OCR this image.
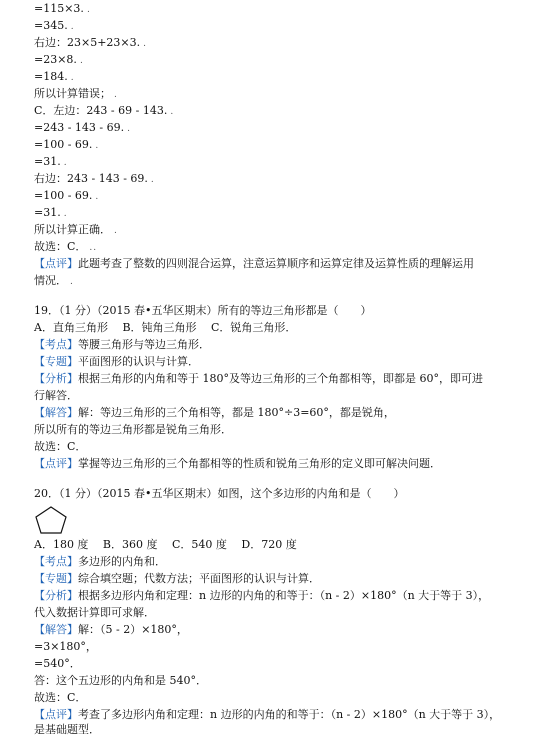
=115×3. .
=345. .
右边：23×5+23×3. .
=23×8. .
=184. .
所以计算错误； .
C．左边：243 - 69 - 143. .
=243 - 143 - 69. .
=100 - 69. .
=31. .
右边：243 - 143 - 69. .
=100 - 69. .
=31. .
所以计算正确． .
故选：C． ..
【点评】此题考查了整数的四则混合运算，注意运算顺序和运算定律及运算性质的理解运用
情况． .
19．（1 分）（2015 春•五华区期末）所有的等边三角形都是（　　）
A．直角三角形　 B．钝角三角形　 C．锐角三角形．
【考点】等腰三角形与等边三角形．
【专题】平面图形的认识与计算．
【分析】根据三角形的内角和等于 180°及等边三角形的三个角都相等，即都是 60°，即可进
行解答．
【解答】解：等边三角形的三个角相等，都是 180°÷3=60°，都是锐角，
所以所有的等边三角形都是锐角三角形．
故选：C．
【点评】掌握等边三角形的三个角都相等的性质和锐角三角形的定义即可解决问题．
20．（1 分）（2015 春•五华区期末）如图，这个多边形的内角和是（　　）
A．180 度　 B．360 度　 C．540 度　 D．720 度
【考点】多边形的内角和．
【专题】综合填空题；代数方法；平面图形的认识与计算．
【分析】根据多边形内角和定理：n 边形的内角的和等于：（n - 2）×180°（n 大于等于 3），
代入数据计算即可求解．
【解答】解：（5 - 2）×180°，
=3×180°，
=540°．
答：这个五边形的内角和是 540°．
故选：C．
【点评】考查了多边形内角和定理：n 边形的内角的和等于：（n - 2）×180°（n 大于等于 3），
是基础题型．
